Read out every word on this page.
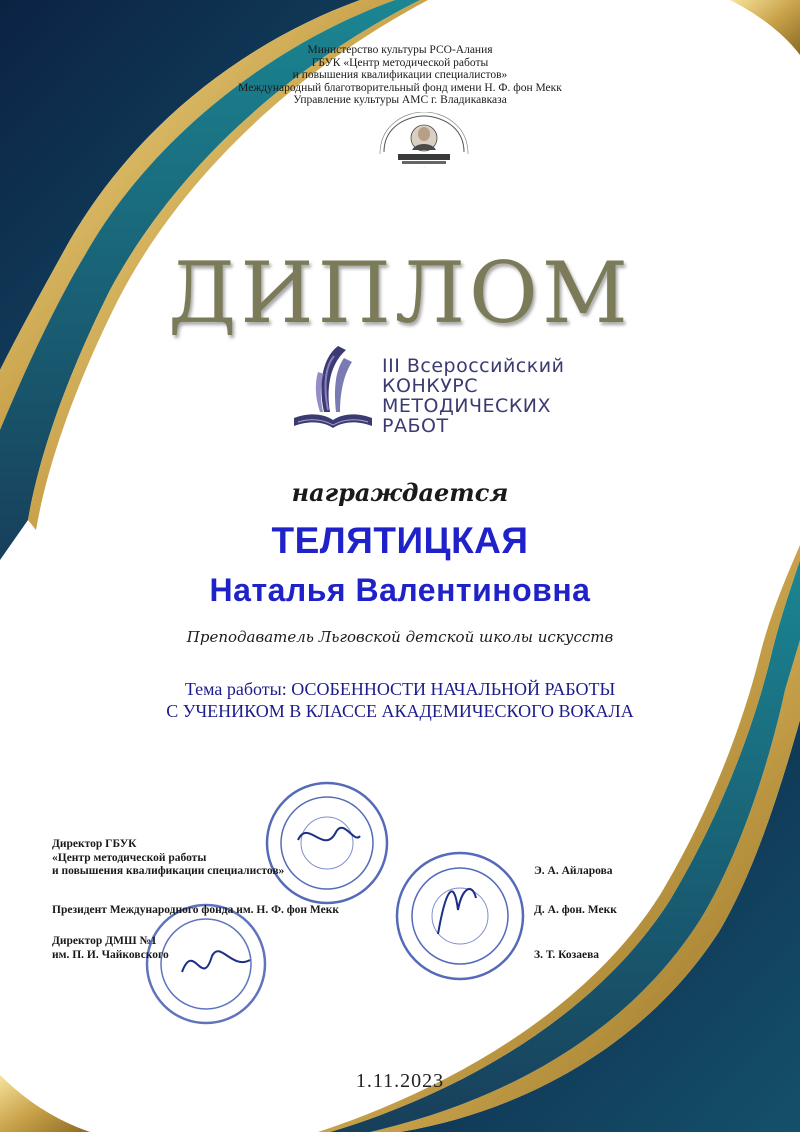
Министерство культуры РСО-Алания
ГБУК «Центр методической работы
и повышения квалификации специалистов»
Международный благотворительный фонд имени Н. Ф. фон Мекк
Управление культуры АМС г. Владикавказа
·
ДИПЛОМ
III Всероссийский
КОНКУРС
МЕТОДИЧЕСКИХ
РАБОТ
награждается
ТЕЛЯТИЦКАЯ
Наталья Валентиновна
Преподаватель Льговской детской школы искусств
Тема работы: ОСОБЕННОСТИ НАЧАЛЬНОЙ РАБОТЫ
С УЧЕНИКОМ В КЛАССЕ АКАДЕМИЧЕСКОГО ВОКАЛА
Директор ГБУК
«Центр методической работы
и повышения квалификации специалистов»	Э. А. Айларова
Президент Международного фонда им. Н. Ф. фон Мекк	Д. А. фон. Мекк
Директор ДМШ №1
им. П. И. Чайковского	З. Т. Козаева
1.11.2023
